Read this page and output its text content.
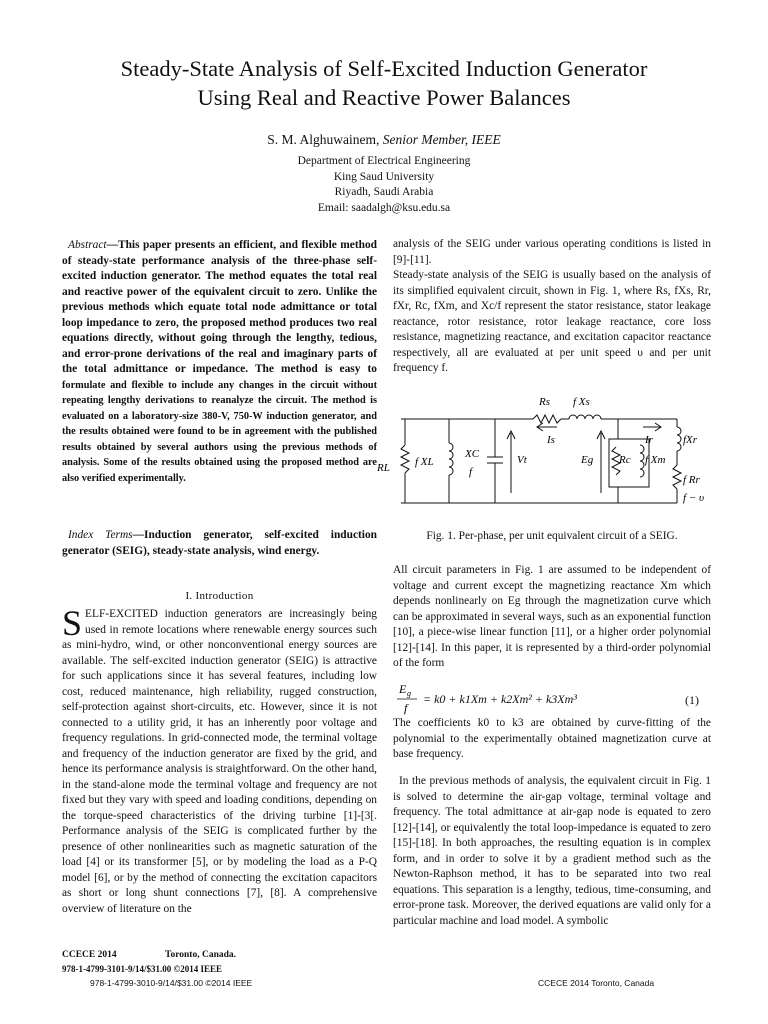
Steady-State Analysis of Self-Excited Induction Generator
Using Real and Reactive Power Balances
S. M. Alghuwainem, Senior Member, IEEE
Department of Electrical Engineering
King Saud University
Riyadh, Saudi Arabia
Email: saadalgh@ksu.edu.sa

Abstract—This paper presents an efficient, and flexible method of steady-state performance analysis of the three-phase self-excited induction generator. The method equates the total real and reactive power of the equivalent circuit to zero. Unlike the previous methods which equate total node admittance or total loop impedance to zero, the proposed method produces two real equations directly, without going through the lengthy, tedious, and error-prone derivations of the real and imaginary parts of the total admittance or impedance. The method is easy to formulate and flexible to include any changes in the circuit without repeating lengthy derivations to reanalyze the circuit. The method is evaluated on a laboratory-size 380-V, 750-W induction generator, and the results obtained were found to be in agreement with the published results obtained by several authors using the previous methods of analysis. Some of the results obtained using the proposed method are also verified experimentally.

Index Terms—Induction generator, self-excited induction generator (SEIG), steady-state analysis, wind energy.

I. Introduction

SELF-EXCITED induction generators are increasingly being used in remote locations where renewable energy sources such as mini-hydro, wind, or other nonconventional energy sources are available. The self-excited induction generator (SEIG) is attractive for such applications since it has several features, including low cost, reduced maintenance, high reliability, rugged construction, self-protection against short-circuits, etc. However, since it is not connected to a utility grid, it has an inherently poor voltage and frequency regulations. In grid-connected mode, the terminal voltage and frequency of the induction generator are fixed by the grid, and hence its performance analysis is straightforward. On the other hand, in the stand-alone mode the terminal voltage and frequency are not fixed but they vary with speed and loading conditions, depending on the torque-speed characteristics of the driving turbine [1]-[3[. Performance analysis of the SEIG is complicated further by the presence of other nonlinearities such as magnetic saturation of the load [4] or its transformer [5], or by modeling the load as a P-Q model [6], or by the method of connecting the excitation capacitors as short or long shunt connections [7], [8]. A comprehensive overview of literature on the

analysis of the SEIG under various operating conditions is listed in [9]-[11].

Steady-state analysis of the SEIG is usually based on the analysis of its simplified equivalent circuit, shown in Fig. 1, where Rs, fXs, Rr, fXr, Rc, fXm, and Xc/f represent the stator resistance, stator leakage reactance, rotor resistance, rotor leakage reactance, core loss resistance, magnetizing reactance, and excitation capacitor reactance respectively, all are evaluated at per unit speed υ and per unit frequency f.

Rs f Xs
Is	Ir	fXr
RL f XL
XC
f
Vt	Eg Rc f Xm
f Rr
f − υ
Fig. 1. Per-phase, per unit equivalent circuit of a SEIG.
All circuit parameters in Fig. 1 are assumed to be independent of voltage and current except the magnetizing reactance Xm which depends nonlinearly on Eg through the magnetization curve which can be approximated in several ways, such as an exponential function [10], a piece-wise linear function [11], or a higher order polynomial [12]-[14]. In this paper, it is represented by a third-order polynomial of the form
E g
f
= k0 + k1Xm + k2Xm² + k3Xm³	(1)
The coefficients k0 to k3 are obtained by curve-fitting of the polynomial to the experimentally obtained magnetization curve at base frequency.

In the previous methods of analysis, the equivalent circuit in Fig. 1 is solved to determine the air-gap voltage, terminal voltage and frequency. The total admittance at air-gap node is equated to zero [12]-[14], or equivalently the total loop-impedance is equated to zero [15]-[18]. In both approaches, the resulting equation is in complex form, and in order to solve it by a gradient method such as the Newton-Raphson method, it has to be separated into two real equations. This separation is a lengthy, tedious, time-consuming, and error-prone task. Moreover, the derived equations are valid only for a particular machine and load model. A symbolic

CCECE 2014	Toronto, Canada.
978-1-4799-3101-9/14/$31.00 ©2014 IEEE
978-1-4799-3010-9/14/$31.00 ©2014 IEEE	CCECE 2014 Toronto, Canada
